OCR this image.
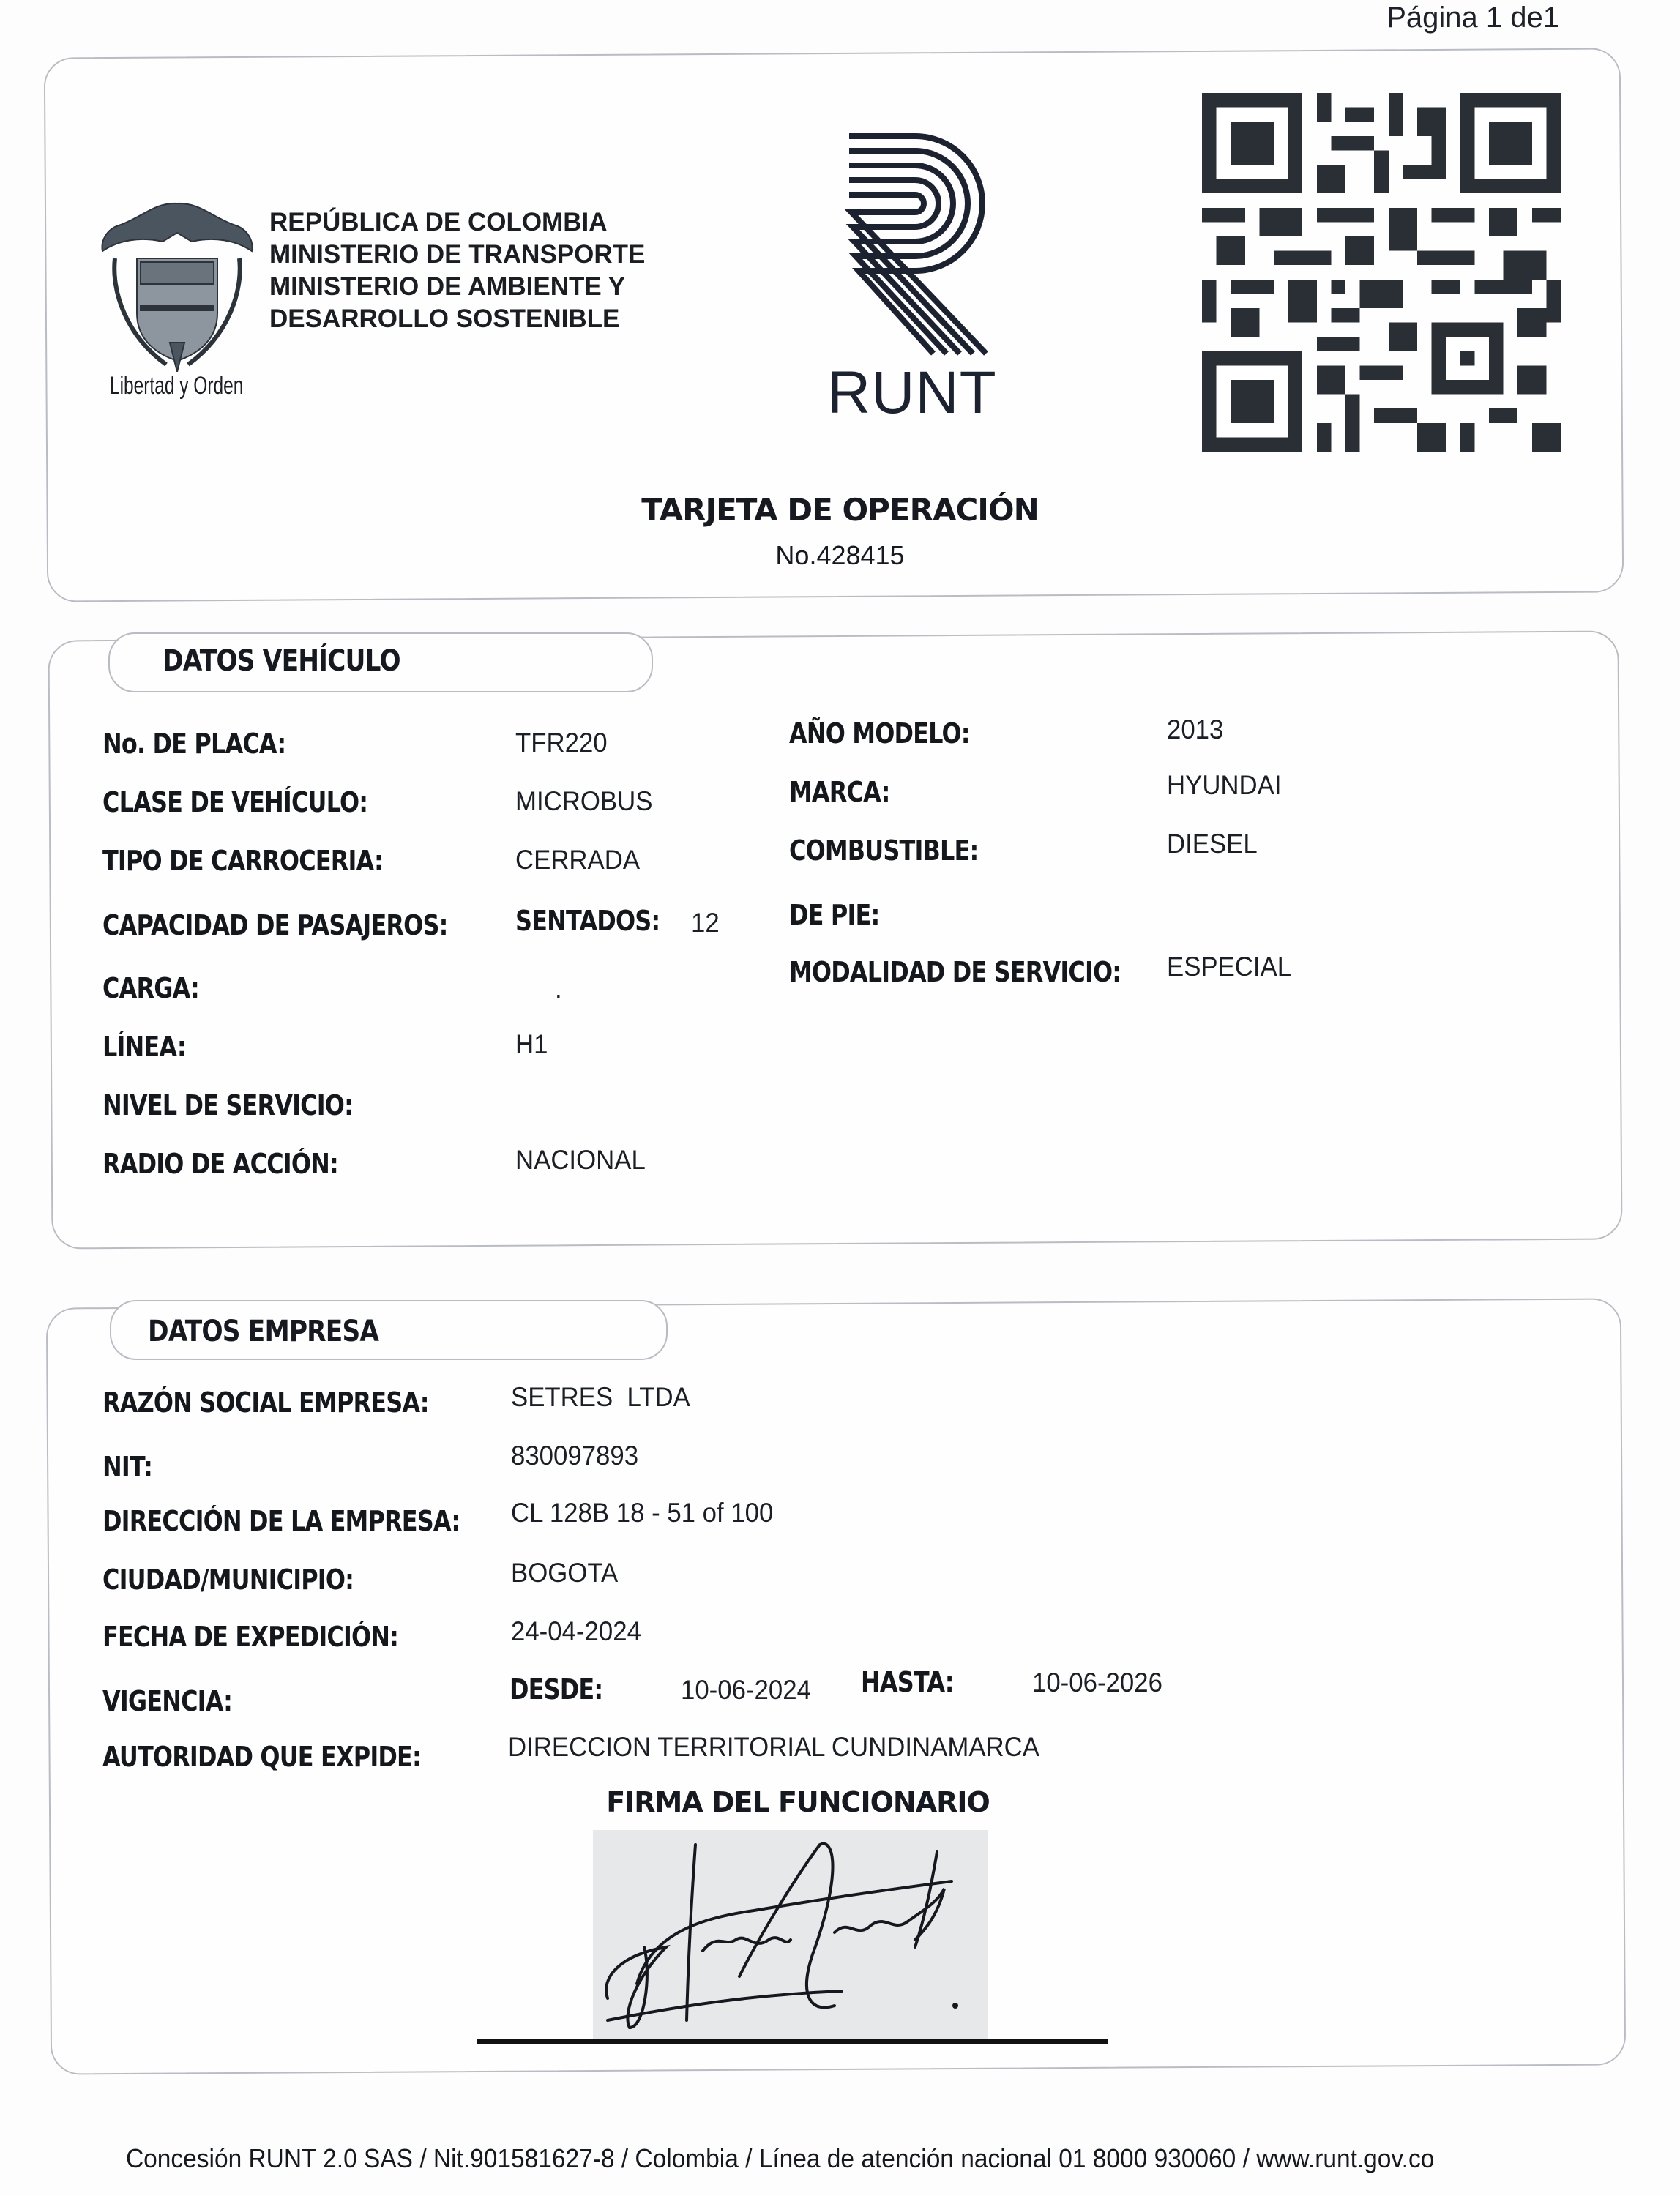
Página 1 de1
Libertad y Orden
REPÚBLICA DE COLOMBIA
MINISTERIO DE TRANSPORTE
MINISTERIO DE AMBIENTE Y
DESARROLLO SOSTENIBLE
RUNT
TARJETA DE OPERACIÓN
No.428415
DATOS VEHÍCULO
No. DE PLACA:	TFR220
CLASE DE VEHÍCULO:	MICROBUS
TIPO DE CARROCERIA:	CERRADA
CAPACIDAD DE PASAJEROS: SENTADOS: 12
CARGA:	.
LÍNEA:	H1
NIVEL DE SERVICIO:
RADIO DE ACCIÓN:	NACIONAL
AÑO MODELO:	2013
MARCA:	HYUNDAI
COMBUSTIBLE:	DIESEL
DE PIE:
MODALIDAD DE SERVICIO: ESPECIAL
DATOS EMPRESA
RAZÓN SOCIAL EMPRESA:	SETRES  LTDA
NIT:	830097893
DIRECCIÓN DE LA EMPRESA: CL 128B 18 - 51 of 100
CIUDAD/MUNICIPIO:	BOGOTA
FECHA DE EXPEDICIÓN:	24-04-2024
VIGENCIA:	DESDE:	10-06-2024 HASTA:	10-06-2026
AUTORIDAD QUE EXPIDE:	DIRECCION TERRITORIAL CUNDINAMARCA
FIRMA DEL FUNCIONARIO
Concesión RUNT 2.0 SAS / Nit.901581627-8 / Colombia / Línea de atención nacional 01 8000 930060 / www.runt.gov.co
